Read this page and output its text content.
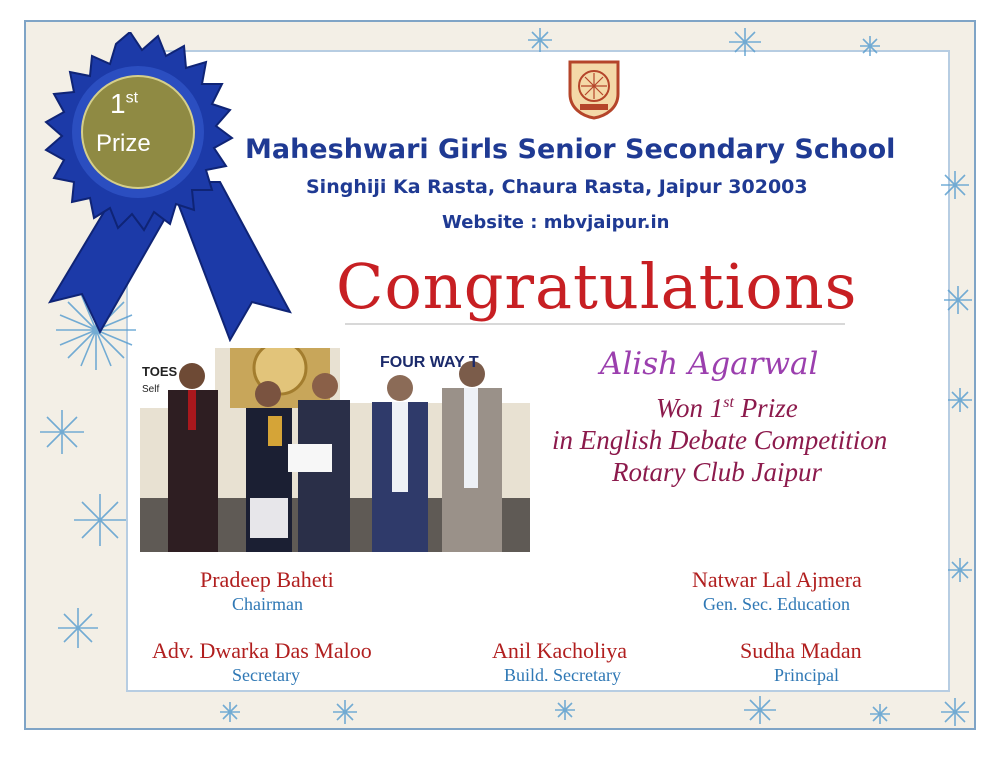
1st
Prize	Maheshwari Girls Senior Secondary School
Singhiji Ka Rasta, Chaura Rasta, Jaipur 302003
Website : mbvjaipur.in
Congratulations
TOES
Self
FOUR WAY T	Alish Agarwal
Won 1st Prize
in English Debate Competition
Rotary Club Jaipur
Pradeep Baheti
Chairman
Natwar Lal Ajmera
Gen. Sec. Education
Adv. Dwarka Das Maloo
Secretary
Anil Kacholiya
Build. Secretary
Sudha Madan
Principal
